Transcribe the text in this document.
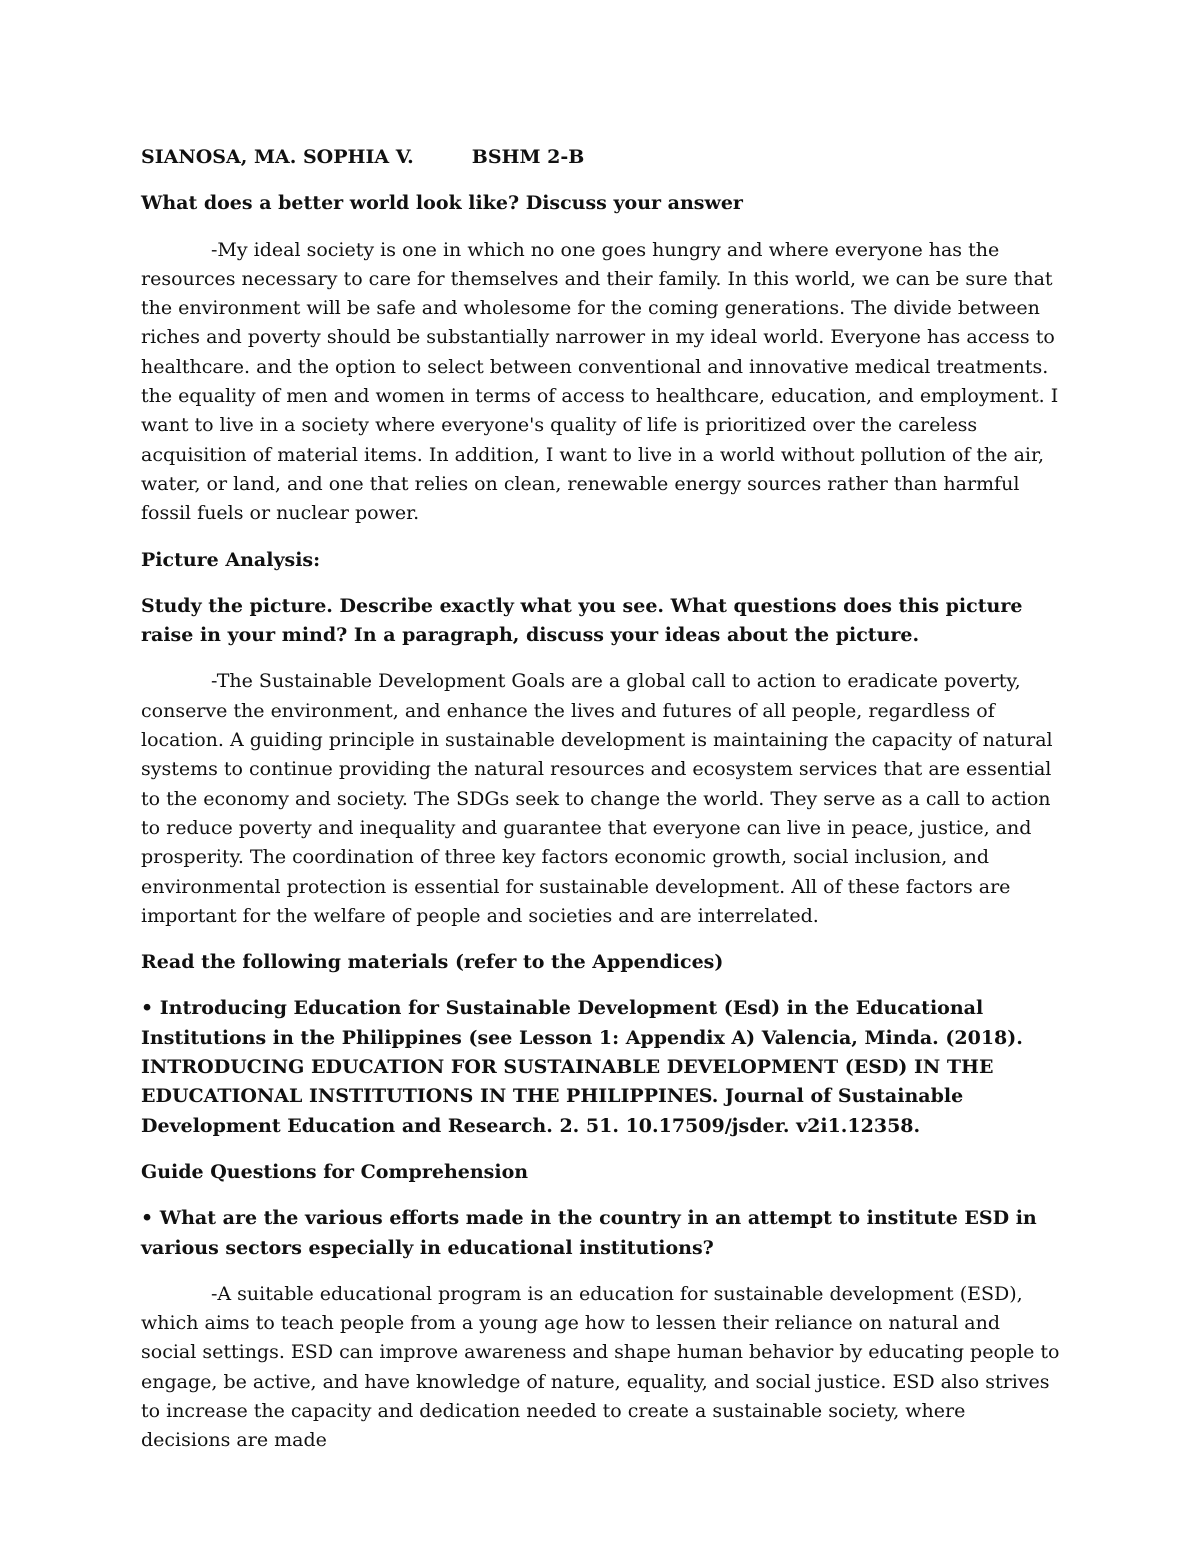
SIANOSA, MA. SOPHIA V.	BSHM 2-B

What does a better world look like? Discuss your answer

-My ideal society is one in which no one goes hungry and where everyone has the resources necessary to care for themselves and their family. In this world, we can be sure that the environment will be safe and wholesome for the coming generations. The divide between riches and poverty should be substantially narrower in my ideal world. Everyone has access to healthcare. and the option to select between conventional and innovative medical treatments. the equality of men and women in terms of access to healthcare, education, and employment. I want to live in a society where everyone's quality of life is prioritized over the careless acquisition of material items. In addition, I want to live in a world without pollution of the air, water, or land, and one that relies on clean, renewable energy sources rather than harmful fossil fuels or nuclear power.

Picture Analysis:

Study the picture. Describe exactly what you see. What questions does this picture raise in your mind? In a paragraph, discuss your ideas about the picture.

-The Sustainable Development Goals are a global call to action to eradicate poverty, conserve the environment, and enhance the lives and futures of all people, regardless of location. A guiding principle in sustainable development is maintaining the capacity of natural systems to continue providing the natural resources and ecosystem services that are essential to the economy and society. The SDGs seek to change the world. They serve as a call to action to reduce poverty and inequality and guarantee that everyone can live in peace, justice, and prosperity. The coordination of three key factors economic growth, social inclusion, and environmental protection is essential for sustainable development. All of these factors are important for the welfare of people and societies and are interrelated.

Read the following materials (refer to the Appendices)

• Introducing Education for Sustainable Development (Esd) in the Educational Institutions in the Philippines (see Lesson 1: Appendix A) Valencia, Minda. (2018). INTRODUCING EDUCATION FOR SUSTAINABLE DEVELOPMENT (ESD) IN THE EDUCATIONAL INSTITUTIONS IN THE PHILIPPINES. Journal of Sustainable Development Education and Research. 2. 51. 10.17509/jsder. v2i1.12358.

Guide Questions for Comprehension

• What are the various efforts made in the country in an attempt to institute ESD in various sectors especially in educational institutions?

-A suitable educational program is an education for sustainable development (ESD), which aims to teach people from a young age how to lessen their reliance on natural and social settings. ESD can improve awareness and shape human behavior by educating people to engage, be active, and have knowledge of nature, equality, and social justice. ESD also strives to increase the capacity and dedication needed to create a sustainable society, where decisions are made
